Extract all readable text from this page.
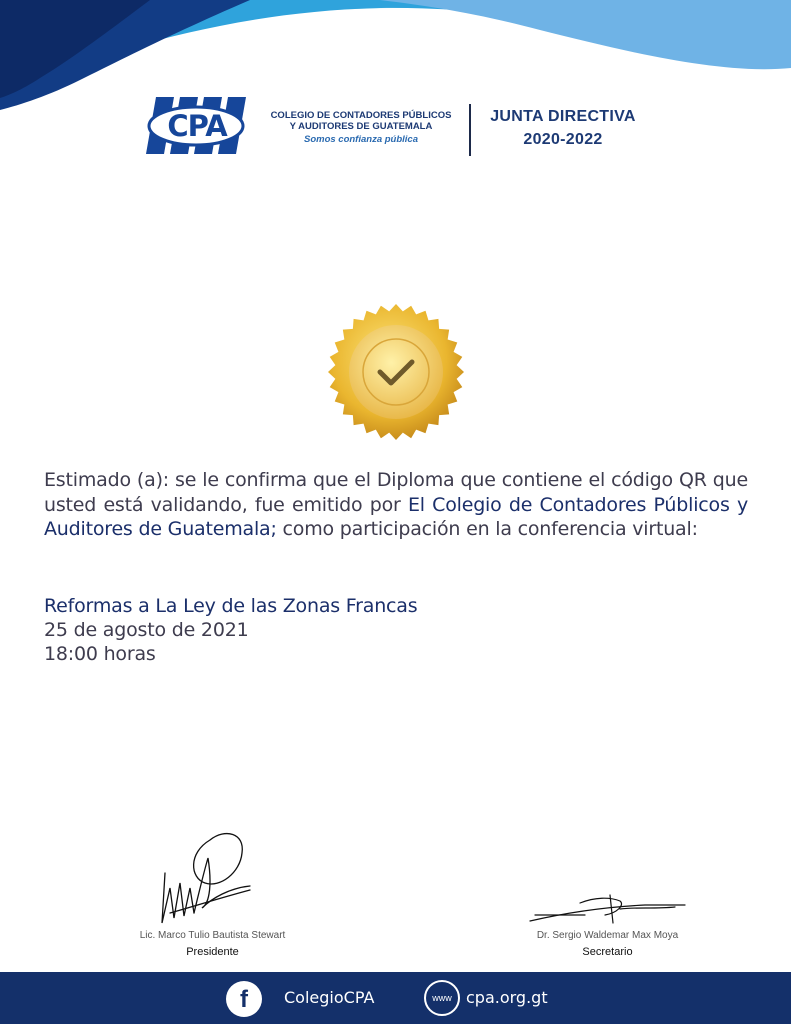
CPA	COLEGIO DE CONTADORES PÚBLICOS
Y AUDITORES DE GUATEMALA
Somos confianza pública
JUNTA DIRECTIVA
2020-2022
Estimado (a): se le confirma que el Diploma que contiene el código QR que usted está validando, fue emitido por El Colegio de Contadores Públicos y Auditores de Guatemala; como participación en la conferencia virtual:
Reformas a La Ley de las Zonas Francas
25 de agosto de 2021
18:00 horas
Lic. Marco Tulio Bautista Stewart
Presidente
Dr. Sergio Waldemar Max Moya
Secretario
f	ColegioCPA	www cpa.org.gt
